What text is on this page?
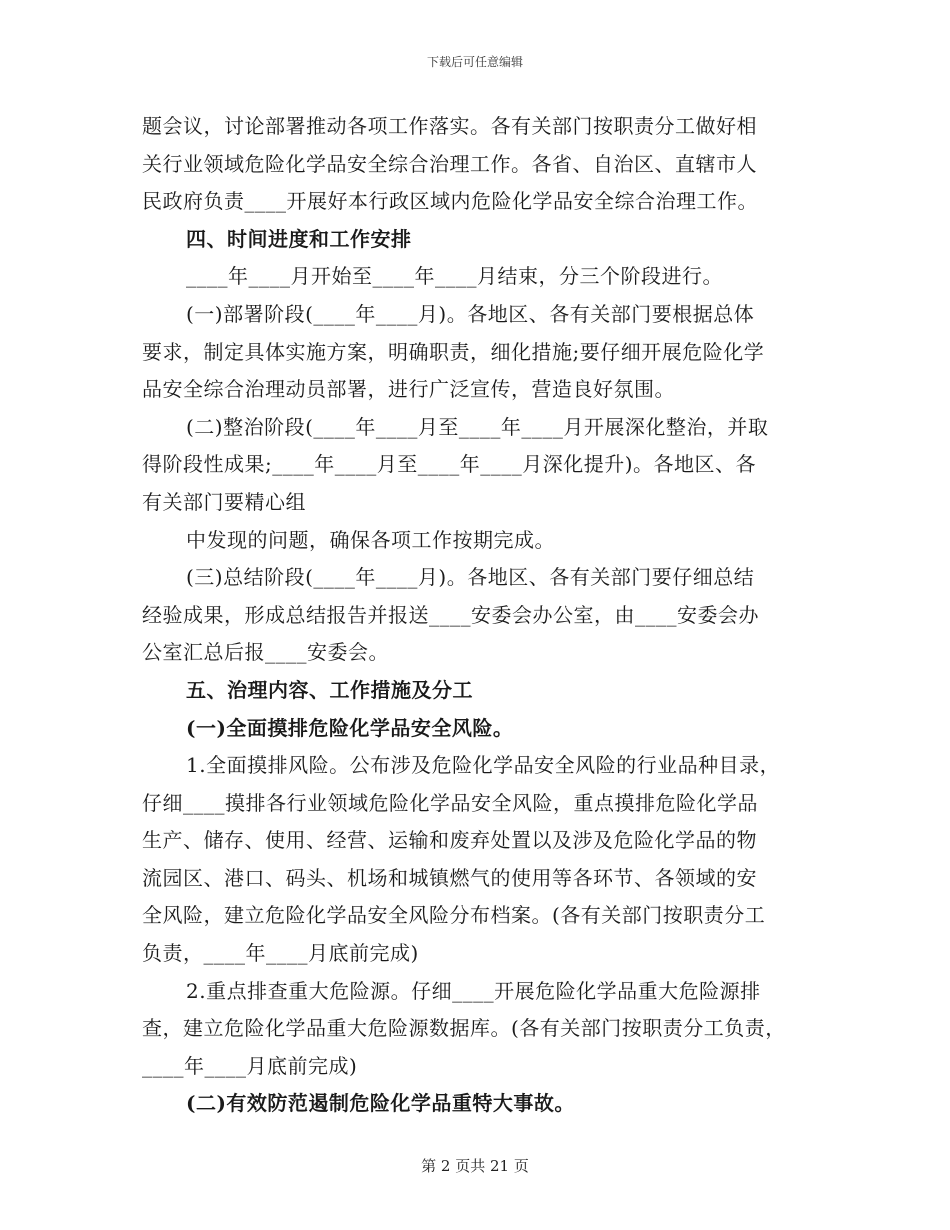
下载后可任意编辑
题会议，讨论部署推动各项工作落实。各有关部门按职责分工做好相
关行业领域危险化学品安全综合治理工作。各省、自治区、直辖市人
民政府负责____开展好本行政区域内危险化学品安全综合治理工作。
四、时间进度和工作安排
____年____月开始至____年____月结束，分三个阶段进行。
(一)部署阶段(____年____月)。各地区、各有关部门要根据总体
要求，制定具体实施方案，明确职责，细化措施;要仔细开展危险化学
品安全综合治理动员部署，进行广泛宣传，营造良好氛围。
(二)整治阶段(____年____月至____年____月开展深化整治，并取
得阶段性成果;____年____月至____年____月深化提升)。各地区、各
有关部门要精心组
中发现的问题，确保各项工作按期完成。
(三)总结阶段(____年____月)。各地区、各有关部门要仔细总结
经验成果，形成总结报告并报送____安委会办公室，由____安委会办
公室汇总后报____安委会。
五、治理内容、工作措施及分工
(一)全面摸排危险化学品安全风险。
1.全面摸排风险。公布涉及危险化学品安全风险的行业品种目录，
仔细____摸排各行业领域危险化学品安全风险，重点摸排危险化学品
生产、储存、使用、经营、运输和废弃处置以及涉及危险化学品的物
流园区、港口、码头、机场和城镇燃气的使用等各环节、各领域的安
全风险，建立危险化学品安全风险分布档案。(各有关部门按职责分工
负责，____年____月底前完成)
2.重点排查重大危险源。仔细____开展危险化学品重大危险源排
查，建立危险化学品重大危险源数据库。(各有关部门按职责分工负责，
____年____月底前完成)
(二)有效防范遏制危险化学品重特大事故。
第 2 页共 21 页
